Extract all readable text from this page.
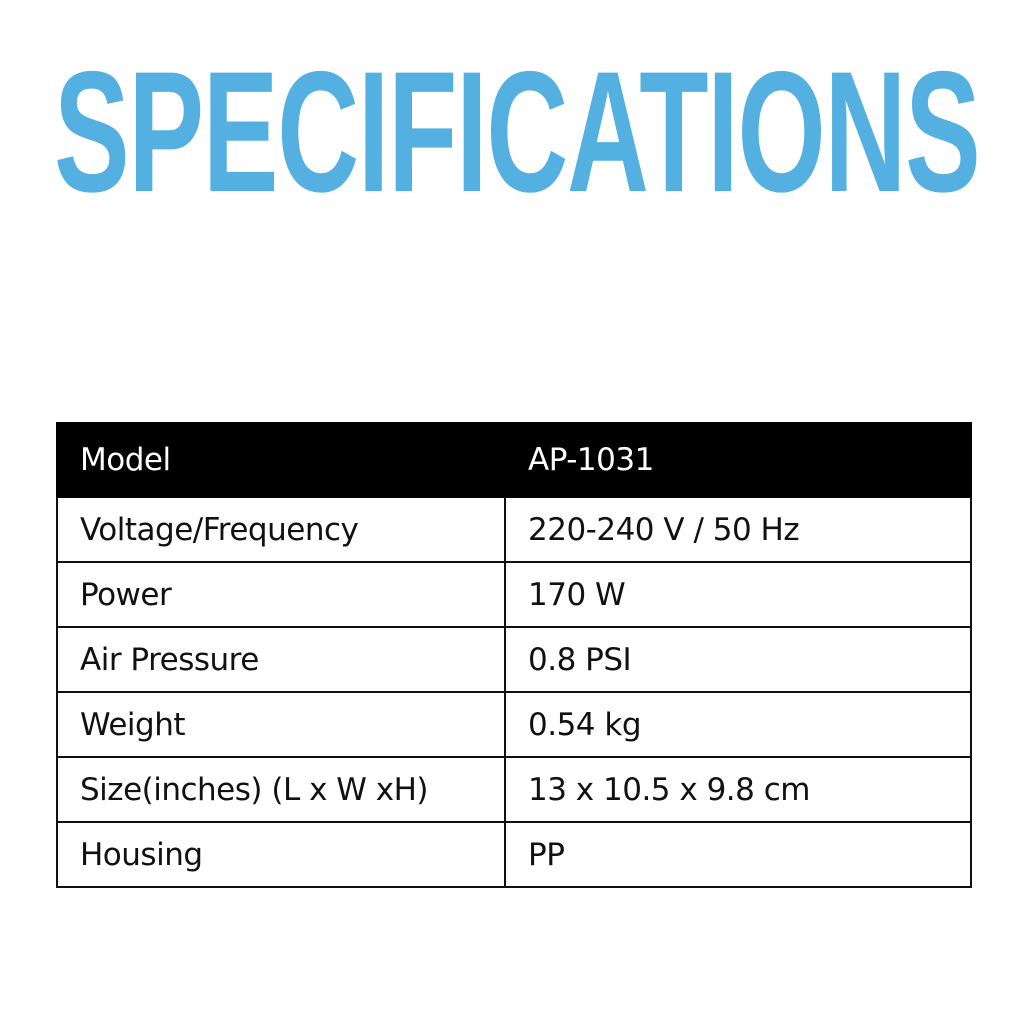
SPECIFICATIONS
Model	AP-1031
Voltage/Frequency	220-240 V / 50 Hz
Power	170 W
Air Pressure	0.8 PSI
Weight	0.54 kg
Size(inches) (L x W xH)	13 x 10.5 x 9.8 cm
Housing	PP
